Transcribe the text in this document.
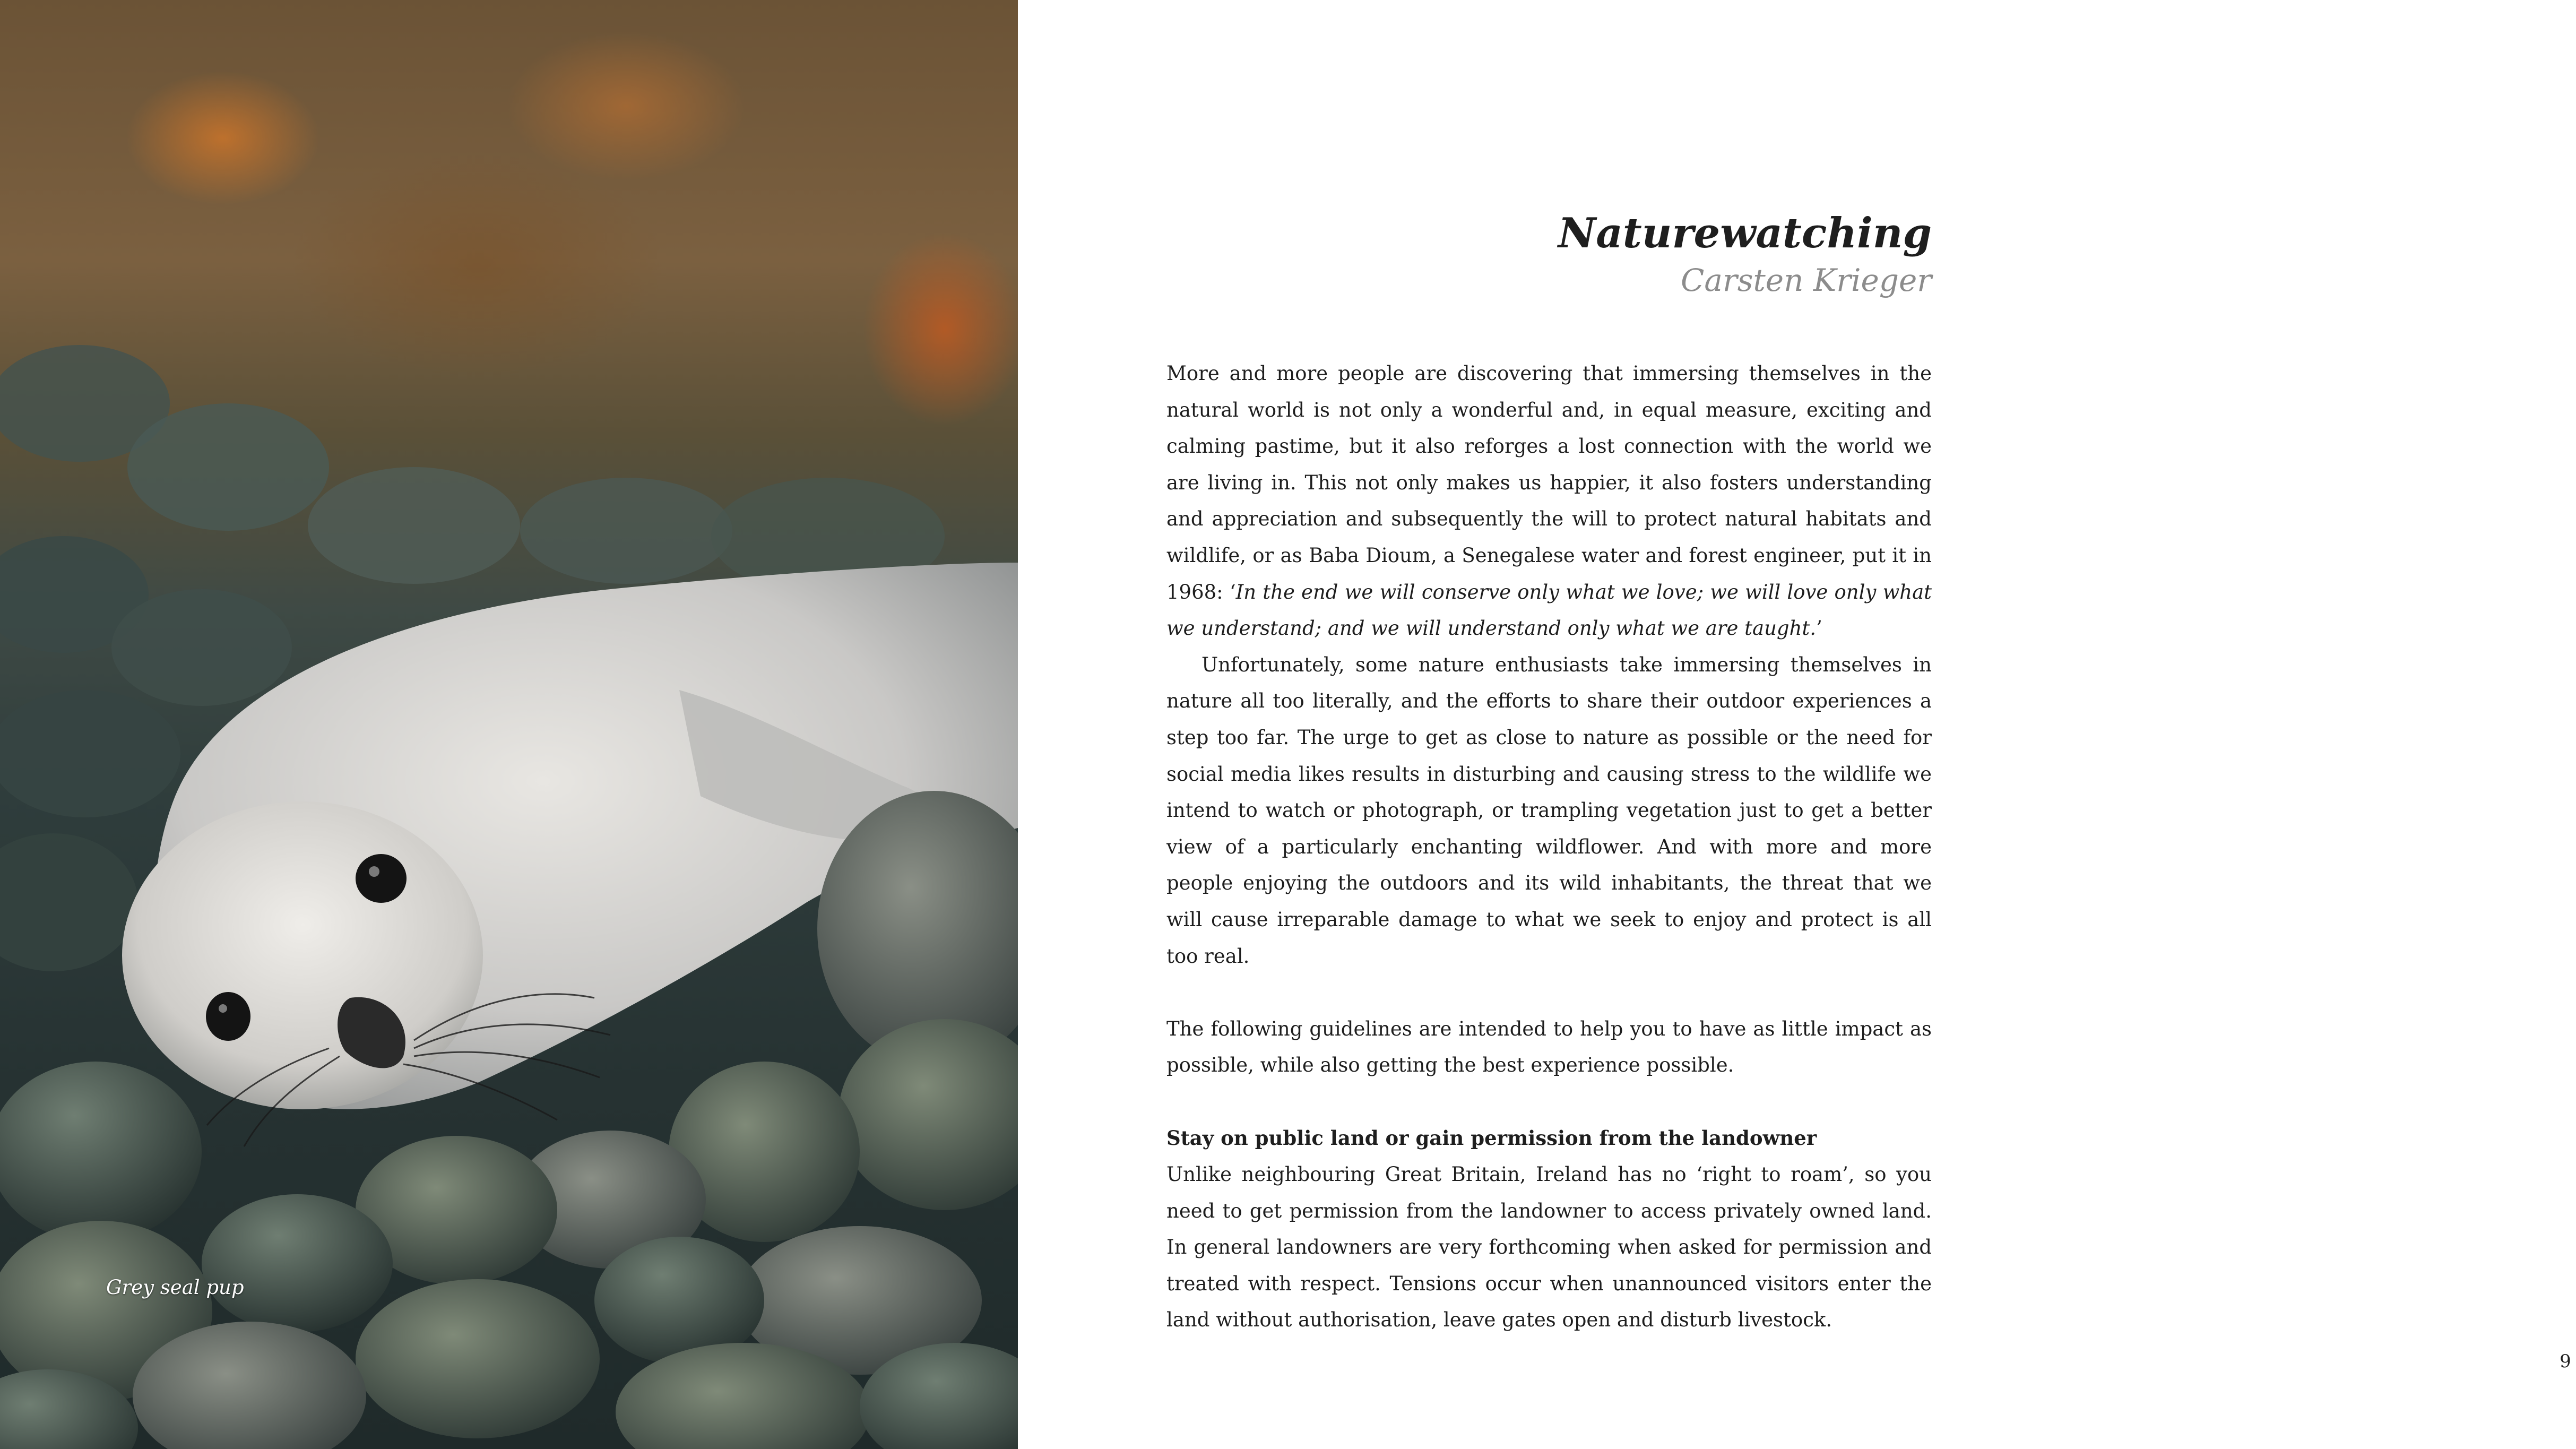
Grey seal pup

Naturewatching

Carsten Krieger

More and more people are discovering that immersing themselves in the natural world is not only a wonderful and, in equal measure, exciting and calming pastime, but it also reforges a lost connection with the world we are living in. This not only makes us happier, it also fosters understanding and appreciation and subsequently the will to protect natural habitats and wildlife, or as Baba Dioum, a Senegalese water and forest engineer, put it in 1968: ‘In the end we will conserve only what we love; we will love only what we understand; and we will understand only what we are taught.’

Unfortunately, some nature enthusiasts take immersing themselves in nature all too literally, and the efforts to share their outdoor experiences a step too far. The urge to get as close to nature as possible or the need for social media likes results in disturbing and causing stress to the wildlife we intend to watch or photograph, or trampling vegetation just to get a better view of a particularly enchanting wildflower. And with more and more people enjoying the outdoors and its wild inhabitants, the threat that we will cause irreparable damage to what we seek to enjoy and protect is all too real.

The following guidelines are intended to help you to have as little impact as possible, while also getting the best experience possible.

Stay on public land or gain permission from the landowner

Unlike neighbouring Great Britain, Ireland has no ‘right to roam’, so you need to get permission from the landowner to access privately owned land. In general landowners are very forthcoming when asked for permission and treated with respect. Tensions occur when unannounced visitors enter the land without authorisation, leave gates open and disturb livestock.

9
